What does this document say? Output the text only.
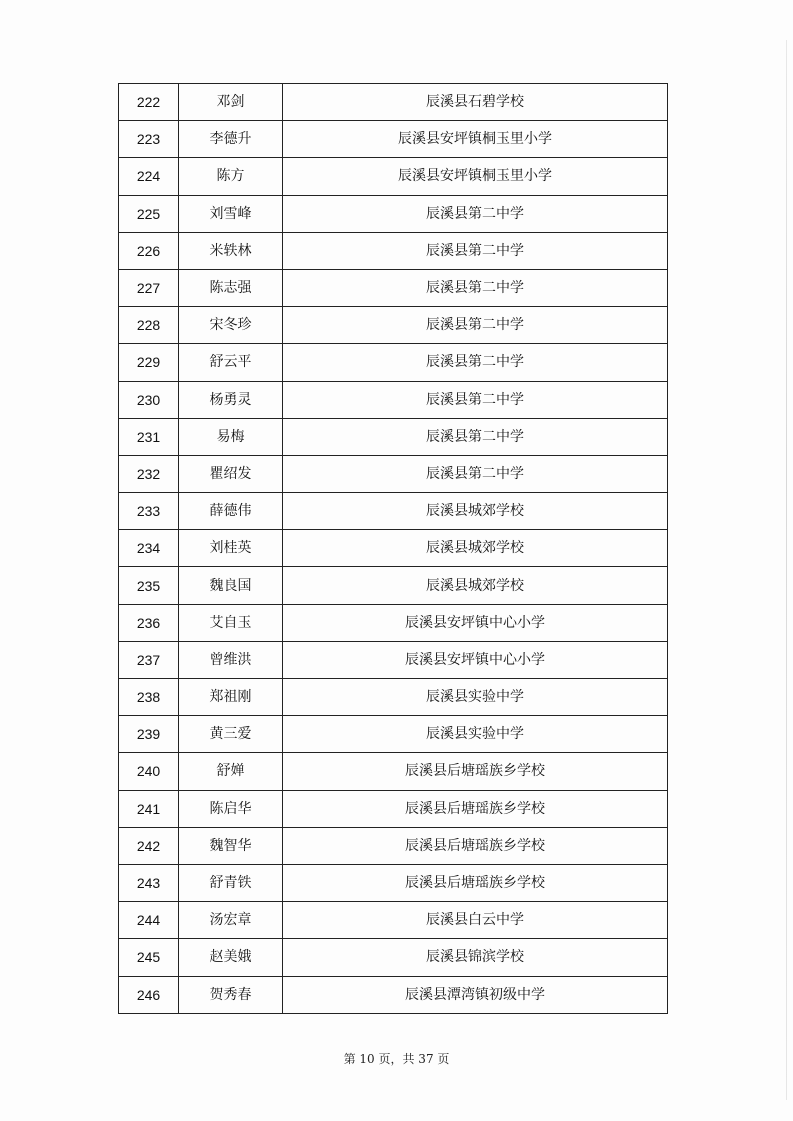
222	邓剑	辰溪县石碧学校
223	李德升	辰溪县安坪镇桐玉里小学
224	陈方	辰溪县安坪镇桐玉里小学
225	刘雪峰	辰溪县第二中学
226	米轶林	辰溪县第二中学
227	陈志强	辰溪县第二中学
228	宋冬珍	辰溪县第二中学
229	舒云平	辰溪县第二中学
230	杨勇灵	辰溪县第二中学
231	易梅	辰溪县第二中学
232	瞿绍发	辰溪县第二中学
233	薛德伟	辰溪县城郊学校
234	刘桂英	辰溪县城郊学校
235	魏良国	辰溪县城郊学校
236	艾自玉	辰溪县安坪镇中心小学
237	曾维洪	辰溪县安坪镇中心小学
238	郑祖刚	辰溪县实验中学
239	黄三爱	辰溪县实验中学
240	舒婵	辰溪县后塘瑶族乡学校
241	陈启华	辰溪县后塘瑶族乡学校
242	魏智华	辰溪县后塘瑶族乡学校
243	舒青铁	辰溪县后塘瑶族乡学校
244	汤宏章	辰溪县白云中学
245	赵美娥	辰溪县锦滨学校
246	贺秀春	辰溪县潭湾镇初级中学
第 10 页，共 37 页
